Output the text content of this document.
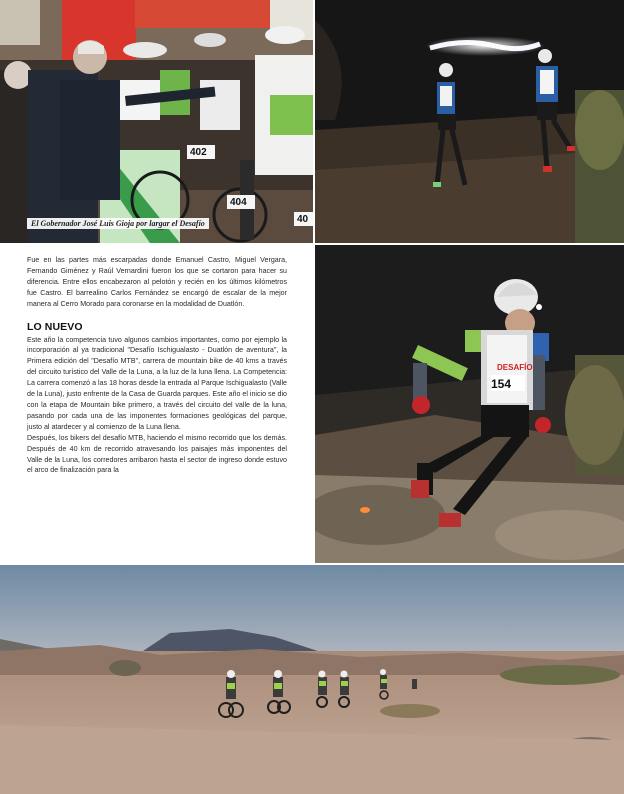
402
404
40
El Gobernador José Luis Gioja por largar el Desafío
DESAFÍO
154

Fue en las partes más escarpadas donde Emanuel Castro, Miguel Vergara, Fernando Giménez y Raúl Vernardini fueron los que se cortaron para hacer su diferencia. Entre ellos encabezaron al pelotón y recién en los últimos kilómetros fue Castro. El barrealino Carlos Fernández se encargó de escalar de la mejor manera al Cerro Morado para coronarse en la modalidad de Duatlón.

LO NUEVO

Este año la competencia tuvo algunos cambios importantes, como por ejemplo la incorporación al ya tradicional "Desafío Ischigualasto - Duatlón de aventura", la Primera edición del "Desafío MTB", carrera de mountain bike de 40 kms a través del circuito turístico del Valle de la Luna, a la luz de la luna llena. La Competencia: La carrera comenzó a las 18 horas desde la entrada al Parque Ischigualasto (Valle de la Luna), justo enfrente de la Casa de Guarda parques. Este año el inicio se dio con la etapa de Mountain bike primero, a través del circuito del valle de la luna, pasando por cada una de las imponentes formaciones geológicas del parque, justo al atardecer y al comienzo de la Luna llena.

Después, los bikers del desafío MTB, haciendo el mismo recorrido que los demás. Después de 40 km de recorrido atravesando los paisajes más imponentes del Valle de la Luna, los corredores arribaron hasta el sector de ingreso donde estuvo el arco de finalización para la
